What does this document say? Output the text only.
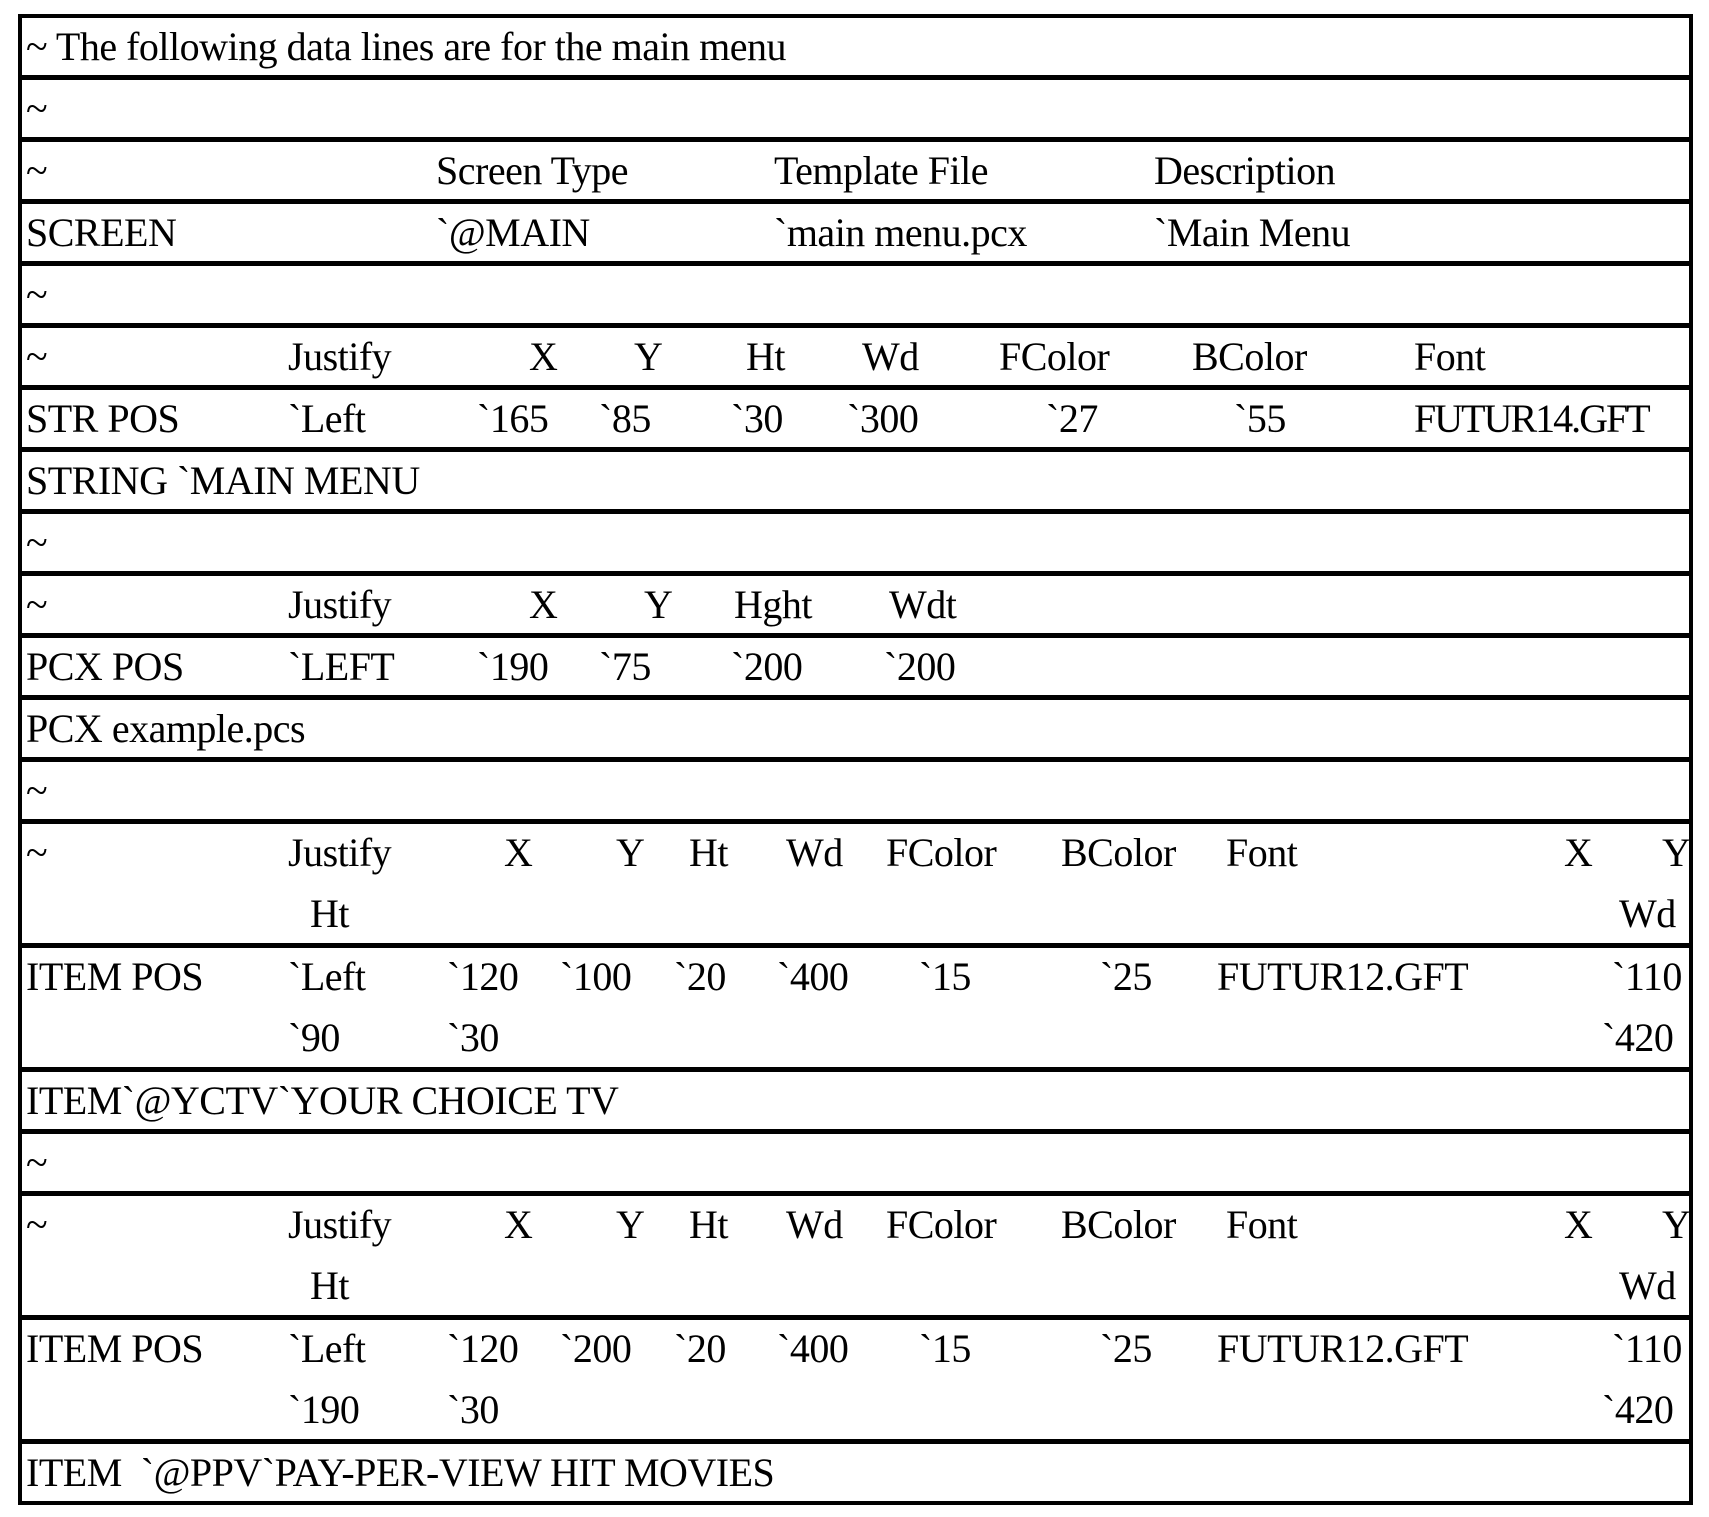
~ The following data lines are for the main menu
~
~	Screen Type	Template File	Description
SCREEN	`@MAIN	`main menu.pcx	`Main Menu
~
~	Justify	X Y Ht Wd FColor BColor	Font
STR POS	`Left	`165 `85 `30 `300	`27	`55	FUTUR14.GFT
STRING `MAIN MENU
~
~	Justify	X Y Hght Wdt
PCX POS	`LEFT `190 `75 `200 `200
PCX example.pcs
~
~	Justify	X Y Ht Wd FColor BColor Font	X Y
Ht	Wd
ITEM POS `Left `120 `100 `20 `400 `15	`25 FUTUR12.GFT	`110
`90	`30	`420
ITEM`@YCTV`YOUR CHOICE TV
~
~	Justify	X Y Ht Wd FColor BColor Font	X Y
Ht	Wd
ITEM POS `Left `120 `200 `20 `400 `15	`25 FUTUR12.GFT	`110
`190 `30	`420
ITEM  `@PPV`PAY-PER-VIEW HIT MOVIES
